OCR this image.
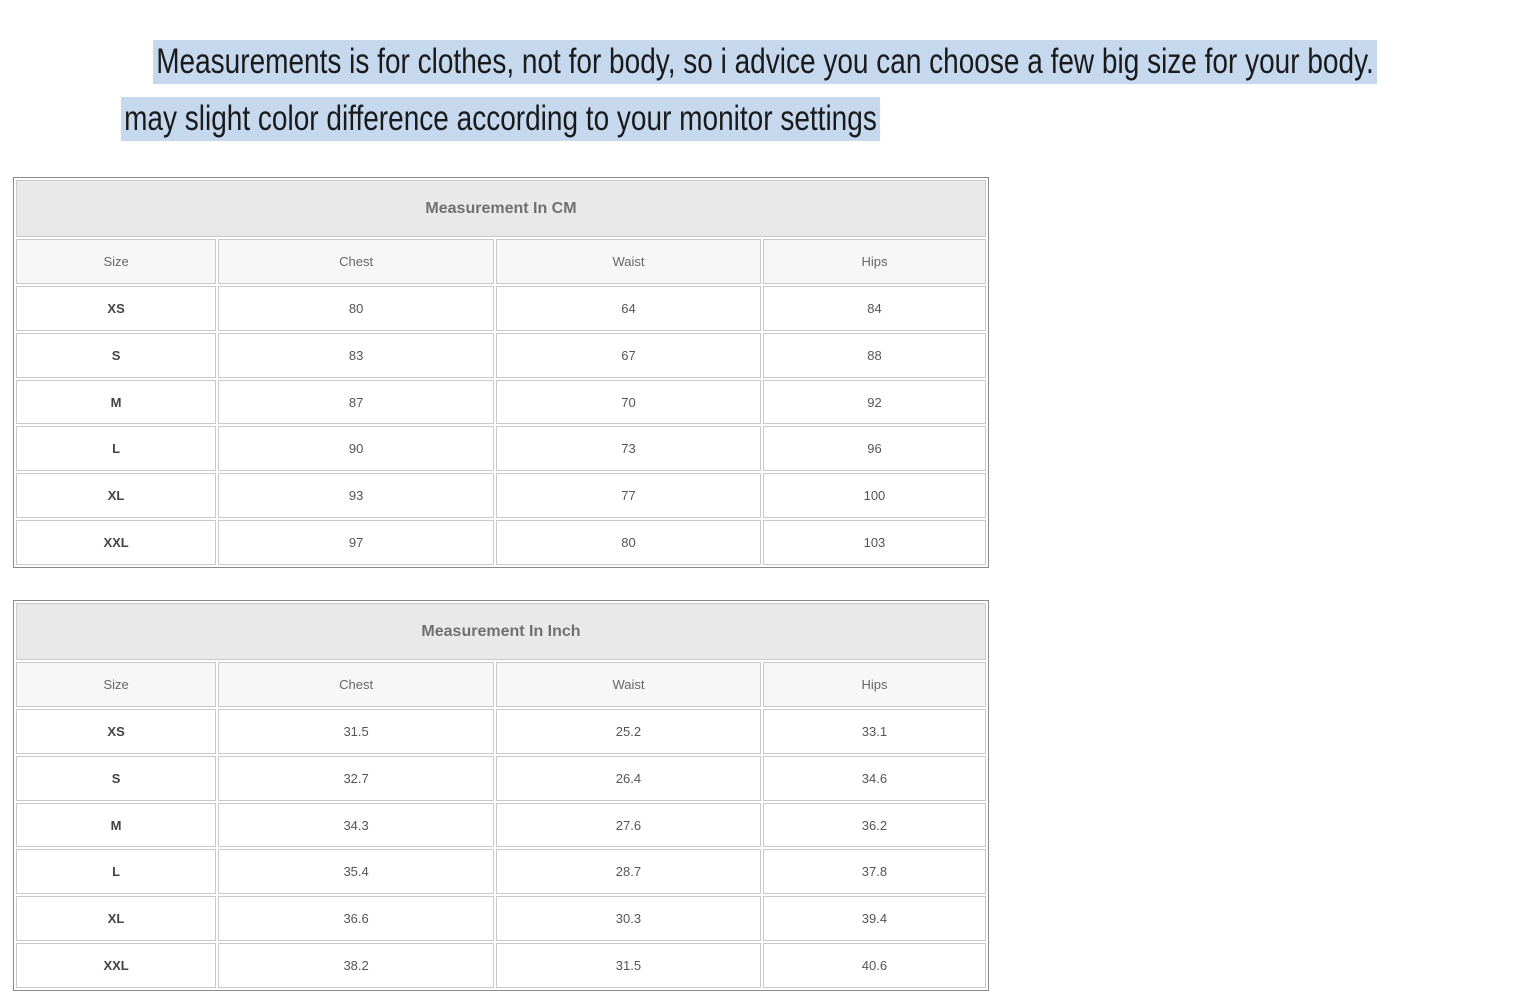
Measurements is for clothes, not for body, so i advice you can choose a few big size for your body.
may slight color difference according to your monitor settings
Measurement In CM			
Size	Chest	Waist	Hips
XS	80	64	84
S	83	67	88
M	87	70	92
L	90	73	96
XL	93	77	100
XXL	97	80	103
Measurement In Inch			
Size	Chest	Waist	Hips
XS	31.5	25.2	33.1
S	32.7	26.4	34.6
M	34.3	27.6	36.2
L	35.4	28.7	37.8
XL	36.6	30.3	39.4
XXL	38.2	31.5	40.6
